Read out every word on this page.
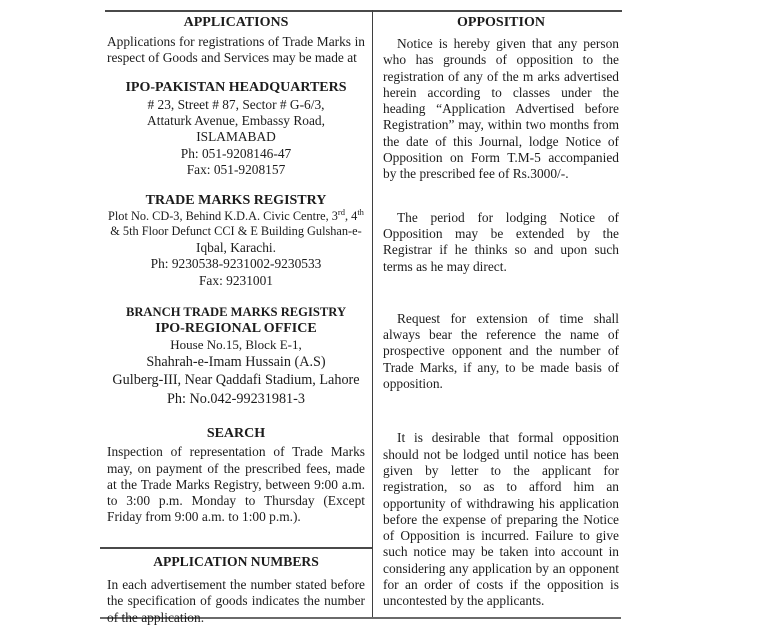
APPLICATIONS

Applications for registrations of Trade Marks in respect of Goods and Services may be made at

IPO-PAKISTAN HEADQUARTERS
# 23, Street # 87, Sector # G-6/3,
Attaturk Avenue, Embassy Road,
ISLAMABAD
Ph: 051-9208146-47
Fax: 051-9208157
TRADE MARKS REGISTRY
Plot No. CD-3, Behind K.D.A. Civic Centre, 3rd, 4th
& 5th Floor Defunct CCI & E Building Gulshan-e-
Iqbal, Karachi.
Ph: 9230538-9231002-9230533
Fax: 9231001
BRANCH TRADE MARKS REGISTRY
IPO-REGIONAL OFFICE
House No.15, Block E-1,
Shahrah-e-Imam Hussain (A.S)
Gulberg-III, Near Qaddafi Stadium, Lahore
Ph: No.042-99231981-3
SEARCH

Inspection of representation of Trade Marks may, on payment of the prescribed fees, made at the Trade Marks Registry, between 9:00 a.m. to 3:00 p.m. Monday to Thursday (Except Friday from 9:00 a.m. to 1:00 p.m.).

APPLICATION NUMBERS

In each advertisement the number stated before the specification of goods indicates the number of the application.

OPPOSITION

Notice is hereby given that any person who has grounds of opposition to the registration of any of the m arks advertised herein according to classes under the heading “Application Advertised before Registration” may, within two months from the date of this Journal, lodge Notice of Opposition on Form T.M-5 accompanied by the prescribed fee of Rs.3000/-.

The period for lodging Notice of Opposition may be extended by the Registrar if he thinks so and upon such terms as he may direct.

Request for extension of time shall always bear the reference the name of prospective opponent and the number of Trade Marks, if any, to be made basis of opposition.

It is desirable that formal opposition should not be lodged until notice has been given by letter to the applicant for registration, so as to afford him an opportunity of withdrawing his application before the expense of preparing the Notice of Opposition is incurred. Failure to give such notice may be taken into account in considering any application by an opponent for an order of costs if the opposition is uncontested by the applicants.
